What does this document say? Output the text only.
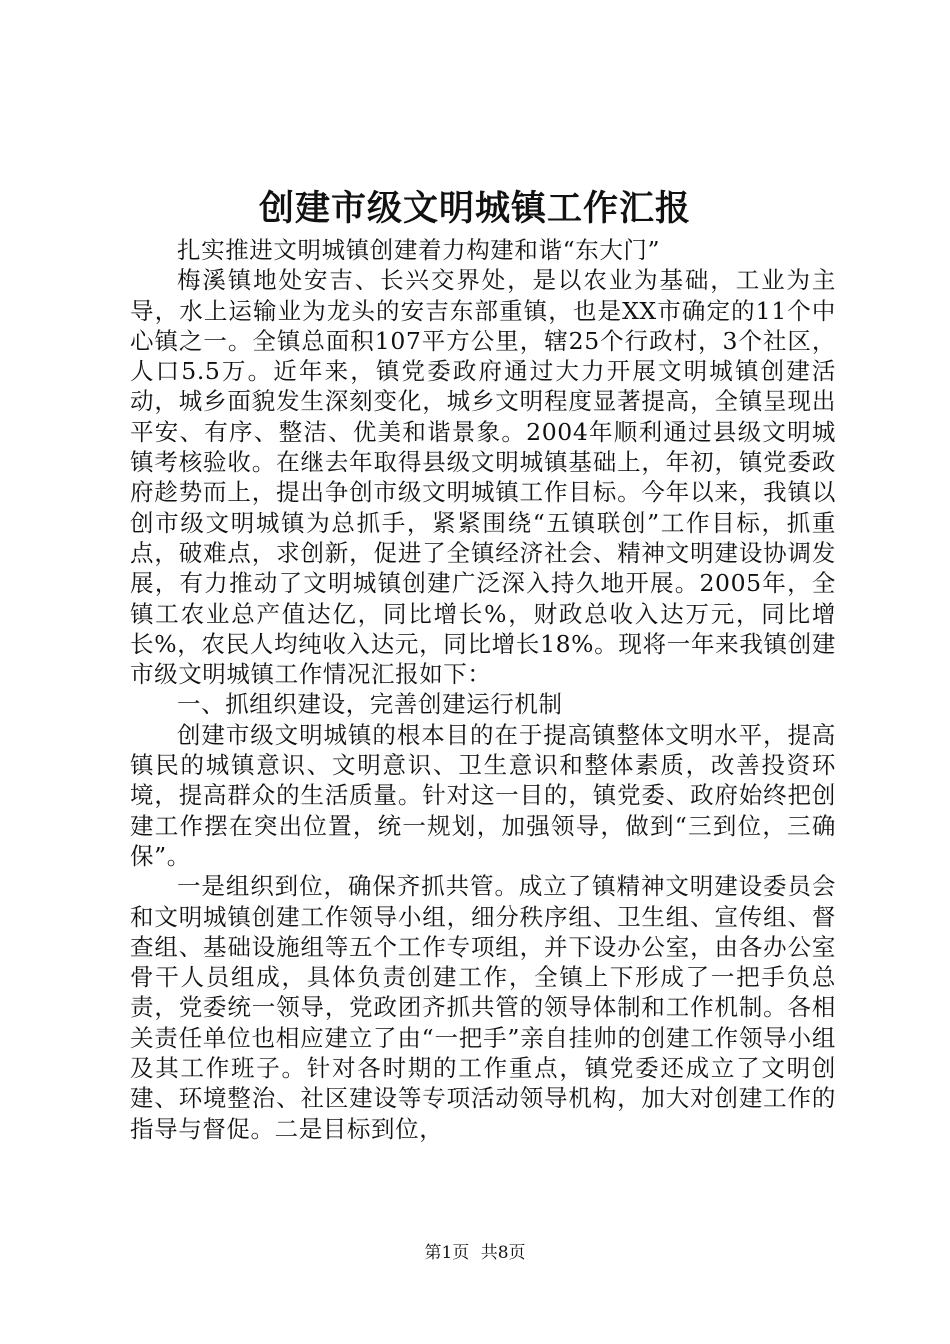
创建市级文明城镇工作汇报

扎实推进文明城镇创建着力构建和谐“东大门”

梅溪镇地处安吉、长兴交界处，是以农业为基础，工业为主导，水上运输业为龙头的安吉东部重镇，也是XX市确定的11个中心镇之一。全镇总面积107平方公里，辖25个行政村，3个社区，人口5.5万。近年来，镇党委政府通过大力开展文明城镇创建活动，城乡面貌发生深刻变化，城乡文明程度显著提高，全镇呈现出平安、有序、整洁、优美和谐景象。2004年顺利通过县级文明城镇考核验收。在继去年取得县级文明城镇基础上，年初，镇党委政府趁势而上，提出争创市级文明城镇工作目标。今年以来，我镇以创市级文明城镇为总抓手，紧紧围绕“五镇联创”工作目标，抓重点，破难点，求创新，促进了全镇经济社会、精神文明建设协调发展，有力推动了文明城镇创建广泛深入持久地开展。2005年，全镇工农业总产值达亿，同比增长%，财政总收入达万元，同比增长%，农民人均纯收入达元，同比增长18%。现将一年来我镇创建市级文明城镇工作情况汇报如下：

一、抓组织建设，完善创建运行机制

创建市级文明城镇的根本目的在于提高镇整体文明水平，提高镇民的城镇意识、文明意识、卫生意识和整体素质，改善投资环境，提高群众的生活质量。针对这一目的，镇党委、政府始终把创建工作摆在突出位置，统一规划，加强领导，做到“三到位，三确保”。

一是组织到位，确保齐抓共管。成立了镇精神文明建设委员会和文明城镇创建工作领导小组，细分秩序组、卫生组、宣传组、督查组、基础设施组等五个工作专项组，并下设办公室，由各办公室骨干人员组成，具体负责创建工作，全镇上下形成了一把手负总责，党委统一领导，党政团齐抓共管的领导体制和工作机制。各相关责任单位也相应建立了由“一把手”亲自挂帅的创建工作领导小组及其工作班子。针对各时期的工作重点，镇党委还成立了文明创建、环境整治、社区建设等专项活动领导机构，加大对创建工作的指导与督促。二是目标到位，

第1页 共8页
